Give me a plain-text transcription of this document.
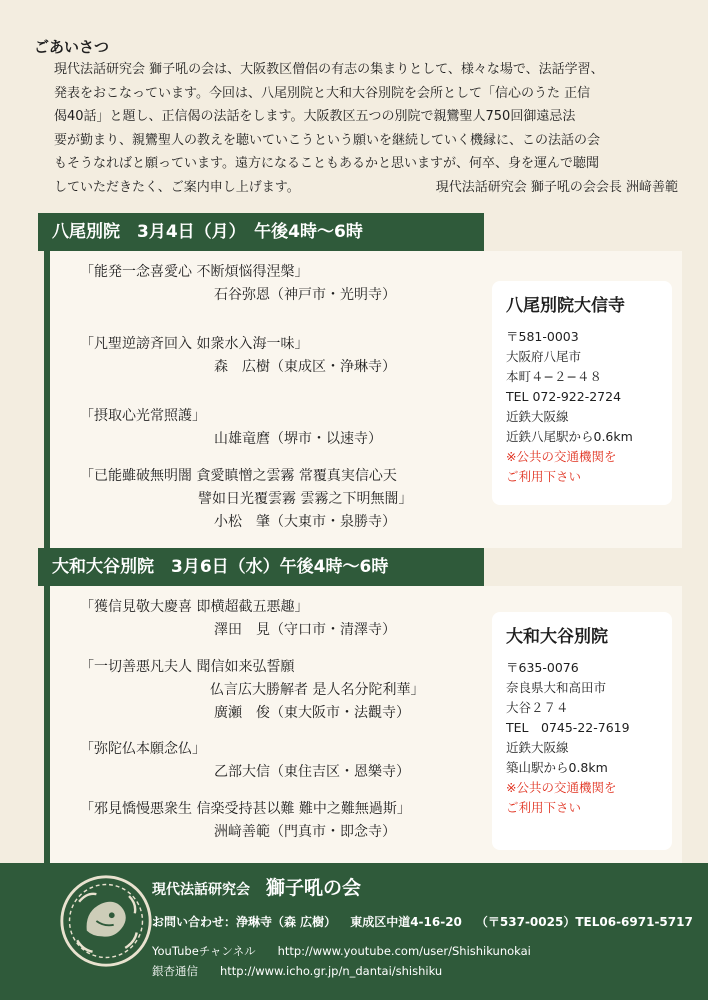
ごあいさつ
現代法話研究会 獅子吼の会は、大阪教区僧侶の有志の集まりとして、様々な場で、法話学習、
発表をおこなっています。今回は、八尾別院と大和大谷別院を会所として「信心のうた 正信
偈40話」と題し、正信偈の法話をします。大阪教区五つの別院で親鸞聖人750回御遠忌法
要が勤まり、親鸞聖人の教えを聴いていこうという願いを継続していく機縁に、この法話の会
もそうなればと願っています。遠方になることもあるかと思いますが、何卒、身を運んで聴聞
していただきたく、ご案内申し上げます。	現代法話研究会 獅子吼の会会長 洲﨑善範
八尾別院　3月4日（月）　午後4時〜6時
「能発一念喜愛心 不断煩悩得涅槃」
石谷弥恩（神戸市・光明寺）
「凡聖逆謗斉回入 如衆水入海一味」
森　広樹（東成区・浄琳寺）
「摂取心光常照護」
山雄竜麿（堺市・以速寺）
「已能雖破無明闇 貪愛瞋憎之雲霧 常覆真実信心天
譬如日光覆雲霧 雲霧之下明無闇」
小松　肇（大東市・泉勝寺）
八尾別院大信寺
〒581-0003
大阪府八尾市
本町４−２−４８
TEL 072-922-2724
近鉄大阪線
近鉄八尾駅から0.6km
※公共の交通機関を
ご利用下さい
大和大谷別院　3月6日（水）午後4時〜6時
「獲信見敬大慶喜 即横超截五悪趣」
澤田　見（守口市・清澤寺）
「一切善悪凡夫人 聞信如来弘誓願
仏言広大勝解者 是人名分陀利華」
廣瀬　俊（東大阪市・法觀寺）
「弥陀仏本願念仏」
乙部大信（東住吉区・恩樂寺）
「邪見憍慢悪衆生 信楽受持甚以難 難中之難無過斯」
洲﨑善範（門真市・即念寺）
大和大谷別院
〒635-0076
奈良県大和高田市
大谷２７４
TEL　0745-22-7619
近鉄大阪線
築山駅から0.8km
※公共の交通機関を
ご利用下さい
現代法話研究会 獅子吼の会
お問い合わせ：浄琳寺（森 広樹） 東成区中道4-16-20 （〒537-0025）TEL06-6971-5717
YouTubeチャンネル http://www.youtube.com/user/Shishikunokai
銀杏通信 http://www.icho.gr.jp/n_dantai/shishiku
